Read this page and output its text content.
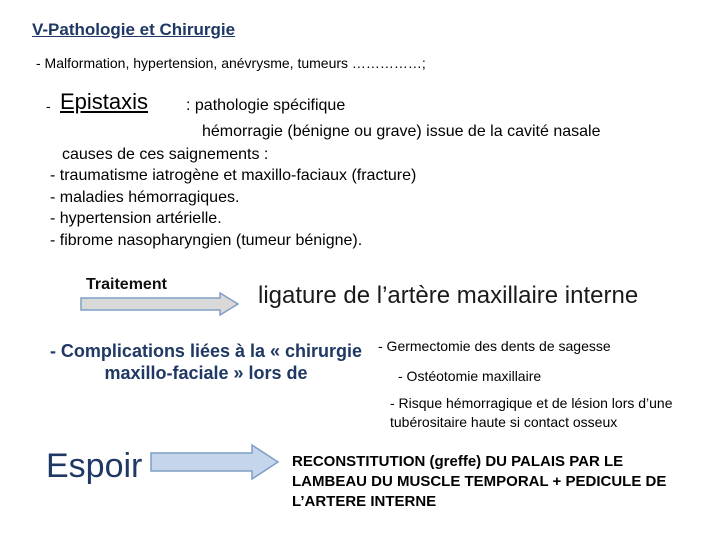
V-Pathologie et Chirurgie
- Malformation, hypertension, anévrysme, tumeurs ……………;
- Epistaxis : pathologie spécifique
hémorragie (bénigne ou grave) issue de la cavité nasale
causes de ces saignements :
- traumatisme iatrogène et maxillo-faciaux (fracture)
- maladies hémorragiques.
- hypertension artérielle.
- fibrome nasopharyngien (tumeur bénigne).
Traitement	ligature de l’artère maxillaire interne
- Complications liées à la « chirurgie maxillo-faciale » lors de
- Germectomie des dents de sagesse
- Ostéotomie maxillaire
- Risque hémorragique et de lésion lors d’une tubérositaire haute si contact osseux
Espoir	RECONSTITUTION (greffe) DU PALAIS PAR LE LAMBEAU DU MUSCLE TEMPORAL + PEDICULE DE L’ARTERE INTERNE
